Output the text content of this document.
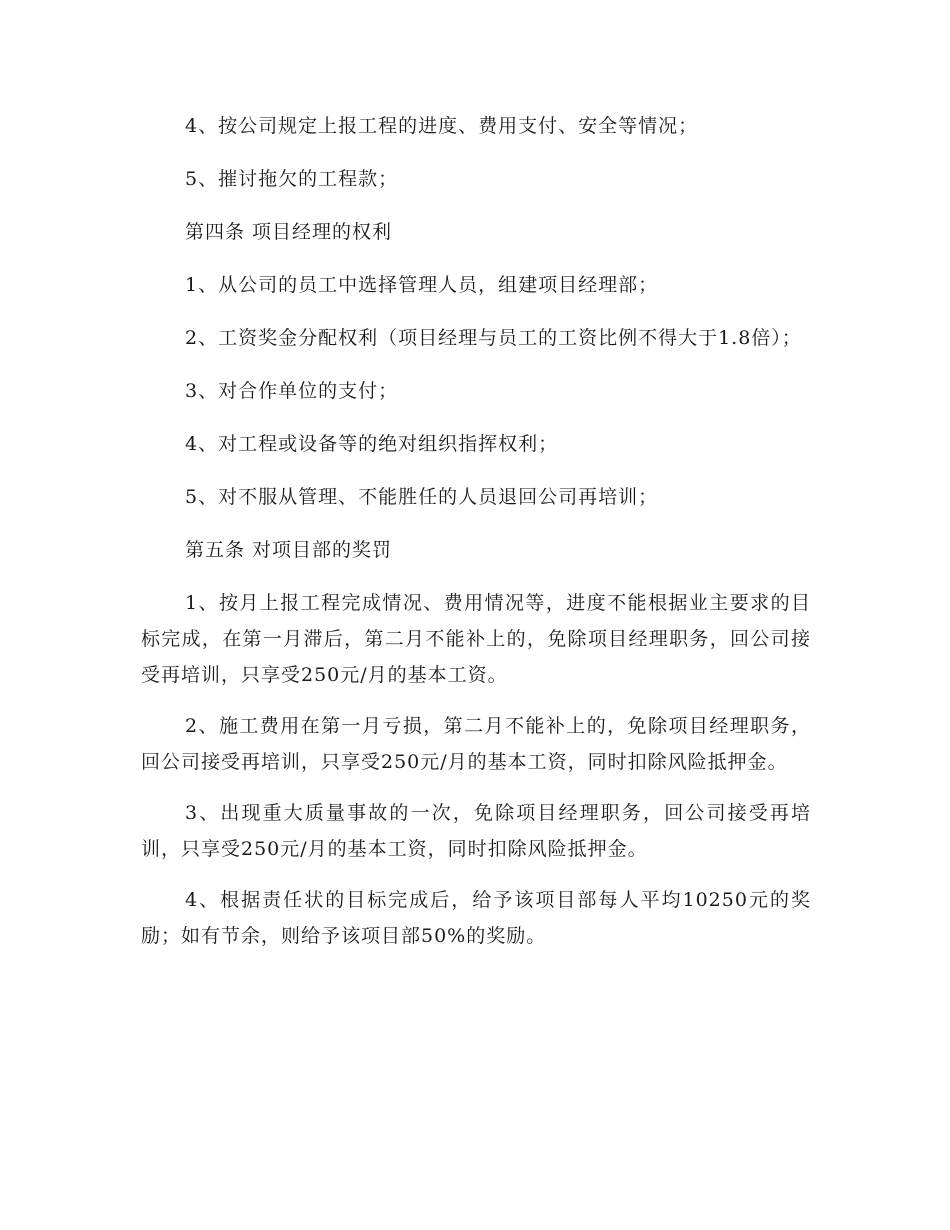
4、按公司规定上报工程的进度、费用支付、安全等情况；

5、摧讨拖欠的工程款；

第四条 项目经理的权利

1、从公司的员工中选择管理人员，组建项目经理部；

2、工资奖金分配权利（项目经理与员工的工资比例不得大于1.8倍）；

3、对合作单位的支付；

4、对工程或设备等的绝对组织指挥权利；

5、对不服从管理、不能胜任的人员退回公司再培训；

第五条 对项目部的奖罚

1、按月上报工程完成情况、费用情况等，进度不能根据业主要求的目标完成，在第一月滞后，第二月不能补上的，免除项目经理职务，回公司接受再培训，只享受250元/月的基本工资。

2、施工费用在第一月亏损，第二月不能补上的，免除项目经理职务，回公司接受再培训，只享受250元/月的基本工资，同时扣除风险抵押金。

3、出现重大质量事故的一次，免除项目经理职务，回公司接受再培训，只享受250元/月的基本工资，同时扣除风险抵押金。

4、根据责任状的目标完成后，给予该项目部每人平均10250元的奖励；如有节余，则给予该项目部50%的奖励。
